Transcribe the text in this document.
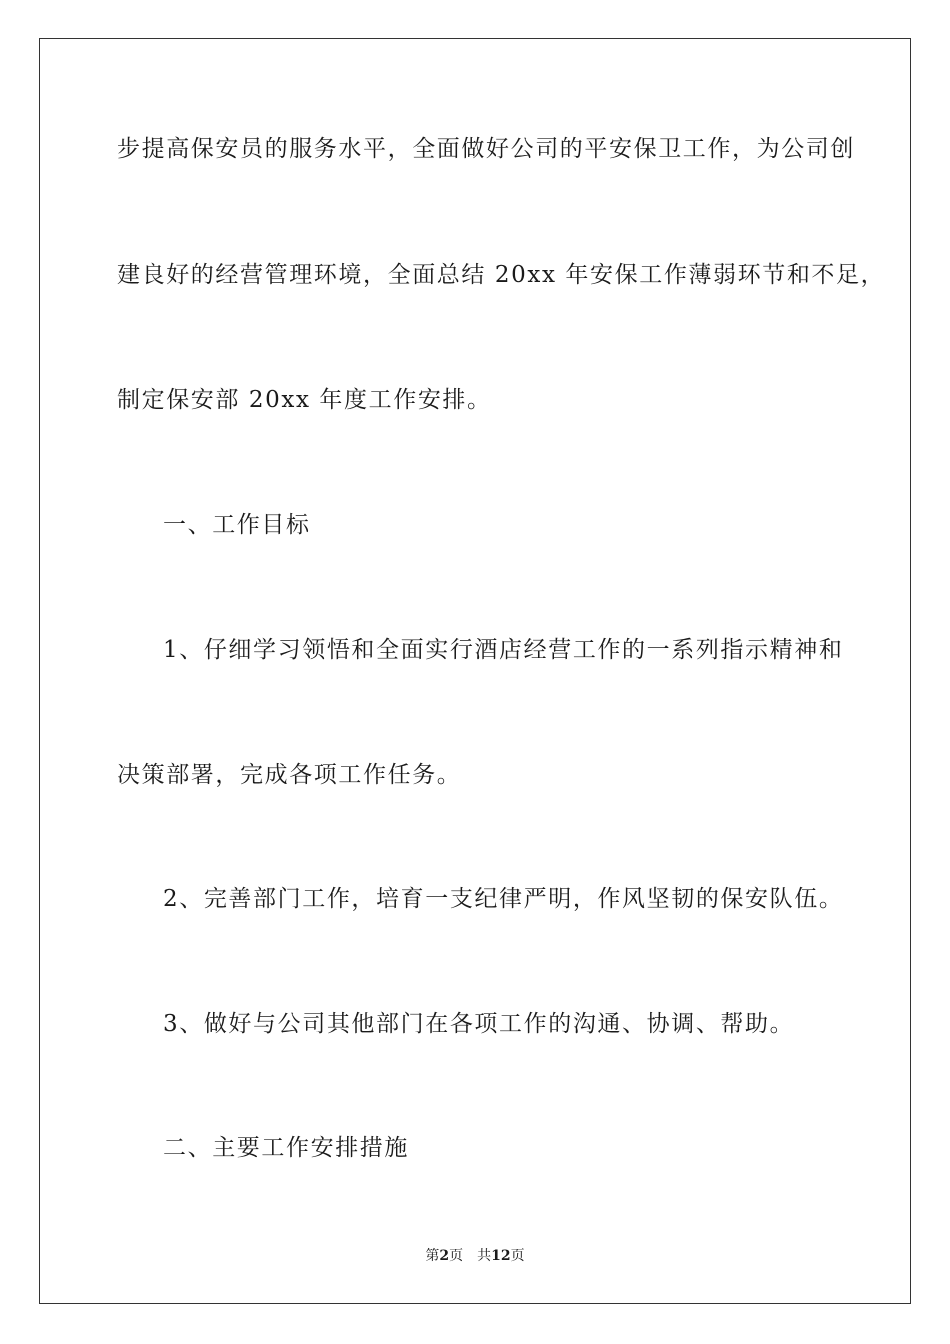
步提高保安员的服务水平，全面做好公司的平安保卫工作，为公司创
建良好的经营管理环境，全面总结 20xx 年安保工作薄弱环节和不足，
制定保安部 20xx 年度工作安排。
一、工作目标
1、仔细学习领悟和全面实行酒店经营工作的一系列指示精神和
决策部署，完成各项工作任务。
2、完善部门工作，培育一支纪律严明，作风坚韧的保安队伍。
3、做好与公司其他部门在各项工作的沟通、协调、帮助。
二、主要工作安排措施
第2页 共12页
